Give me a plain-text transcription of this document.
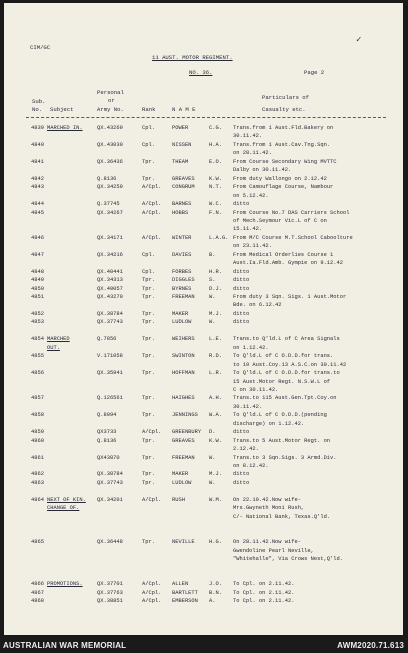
✓
CIM/GC
11 AUST. MOTOR REGIMENT.
NO. 36.	Page 2
Personal
or
Sub.
Particulars of
No. Subject	Army No.	Rank	N A M E	Casualty etc.
4839 MARCHED IN.	QX.43269	Cpl.	POWER	C.G. Trans.from 1 Aust.Fld.Bakery on
30.11.42.
4840	QX.43030	Cpl.	NISSEN	H.A. Trans.from 1 Aust.Cav.Tng.Sqn.
on 28.11.42.
4841	QX.36436	Tpr.	THEAM	E.O. From Course Secondary Wing MVTTC
Dalby on 30.11.42.
4842	Q.8136	Tpr.	GREAVES	K.W. From duty Wallongo on 2.12.42
4843	QX.34259	A/Cpl. CONGRUM	N.T. From Camouflage Course, Nambour
on 5.12.42.
4844	Q.37745	A/Cpl. BARNES	W.C. ditto
4845	QX.34267	A/Cpl. HOBBS	F.N. From Course No.7 DAS Carriers School
of Mech.Seymour Vic.L of C on
15.11.42.
4846	QX.34171	A/Cpl. WINTER	L.A.G. From M/C Course M.T.School Caboolture
on 23.11.42.
4847	QX.34216	Cpl.	DAVIES	B.	From Medical Orderlies Course 1
Aust.Ia.Fld.Amb. Gympie on 9.12.42
4848	QX.40441	Cpl.	FORBES	H.R. ditto
4849	QX.34313	Tpr.	DIGGLES	S.	ditto
4850	QX.40057	Tpr.	BYRNES	D.J. ditto
4851	QX.43270	Tpr.	FREEMAN	W.	From duty 3 Sqn. Sigs. 1 Aust.Motor
Bde. on 6.12.42
4852	QX.38784	Tpr.	MAKER	M.J. ditto
4853	QX.37743	Tpr.	LUDLOW	W.	ditto
4854 MARCHED	Q.7856	Tpr.	WEIHERS	L.E. Trans.to Q'ld.L of C Area Signals
OUT.	on 1.12.42.
4855	V.171058	Tpr.	SWINTON	R.D. To Q'ld.L of C O.D.D.for trans.
to 19 Aust.Coy.13 A.S.C.on 30.11.42
4856	QX.35941	Tpr.	HOFFMAN	L.R. To Q'ld.L of C O.D.D.for trans.to
15 Aust.Motor Regt. N.S.W.L of
C on 30.11.42.
4857	Q.126561	Tpr.	HAIGHES	A.H. Trans.to 115 Aust.Gen.Tpt.Coy.on
30.11.42.
4858	Q.8094	Tpr.	JENNINGS W.A. To Q'ld.L of C O.D.D.(pending
discharge) on 1.12.42.
4859	QX3733	A/Cpl. GREENBURY D.	ditto
4860	Q.8136	Tpr.	GREAVES	K.W. Trans.to 5 Aust.Motor Regt. on
2.12.42.
4861	QX43870	Tpr.	FREEMAN	W.	Trans.to 3 Sqn.Sigs. 3 Armd.Div.
on 8.12.42.
4862	QX.38784	Tpr.	MAKER	M.J. ditto
4863	QX.37743	Tpr.	LUDLOW	W.	ditto
4864 NEXT OF KIN. QX.34201	A/Cpl. RUSH	W.M. On 22.10.42.Now wife-
CHANGE OF.	Mrs.Gwyneth Moni Rush,
C/- National Bank, Texas.Q'ld.
4865	QX.36448	Tpr.	NEVILLE	H.G. On 28.11.42.Now wife-
Gwendoline Pearl Neville,
"Whitehalle", Via Crows Nest,Q'ld.
4866 PROMOTIONS.	QX.37701	A/Cpl. ALLEN	J.O. To Cpl. on 2.11.42.
4867	QX.37763	A/Cpl. BARTLETT B.N. To Cpl. on 2.11.42.
4868	QX.38851	A/Cpl. EMBERSON A.	To Cpl. on 2.11.42.
AUSTRALIAN WAR MEMORIAL	AWM2020.71.613
